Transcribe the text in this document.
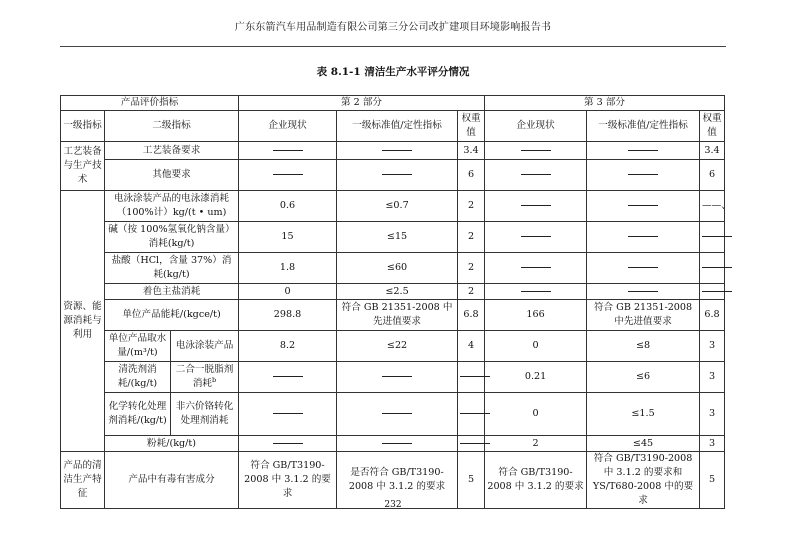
广东东箭汽车用品制造有限公司第三分公司改扩建项目环境影响报告书
表 8.1-1 清洁生产水平评分情况
产品评价指标			第 2 部分			第 3 部分		
一级指标	二级指标		企业现状	一级标准值/定性指标	权重值	企业现状	一级标准值/定性指标	权重值
工艺装备与生产技术	工艺装备要求				3.4			3.4
	其他要求				6			6
资源、能源消耗与利用	电泳涂装产品的电泳漆消耗（100%计）kg/(t • um)		0.6	≤0.7	2			——、
	碱（按 100%氢氧化钠含量）消耗(kg/t)		15	≤15	2			
	盐酸（HCl，含量 37%）消耗(kg/t)		1.8	≤60	2			
	着色主盐消耗		0	≤2.5	2			
	单位产品能耗/(kgce/t)		298.8	符合 GB 21351-2008 中先进值要求	6.8	166	符合 GB 21351-2008 中先进值要求	6.8
	单位产品取水量/(m³/t)	电泳涂装产品	8.2	≤22	4	0	≤8	3
	清洗剂消耗/(kg/t)	二合一脱脂剂消耗$^b$				0.21	≤6	3
	化学转化处理剂消耗/(kg/t)	非六价铬转化处理剂消耗				0	≤1.5	3
	粉耗/(kg/t)					2	≤45	3
产品的清洁生产特征	产品中有毒有害成分		符合 GB/T3190-2008 中 3.1.2 的要求	是否符合 GB/T3190-2008 中 3.1.2 的要求	5	符合 GB/T3190-2008 中 3.1.2 的要求	符合 GB/T3190-2008 中 3.1.2 的要求和 YS/T680-2008 中的要求	5
232
